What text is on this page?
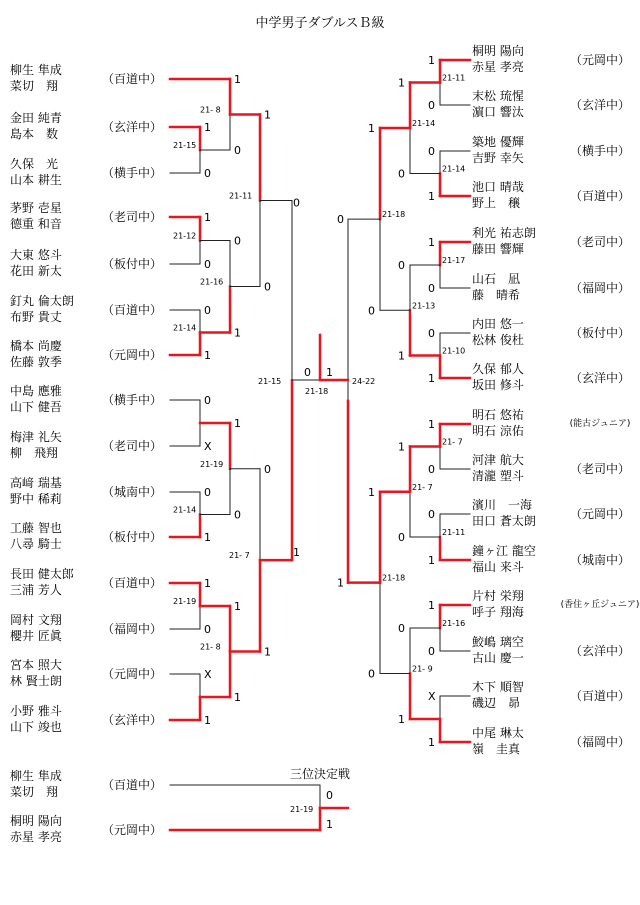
中学男子ダブルスＢ級
1
1
0
21-15
1
0
21-12
0
1
21-14
0
X
0
1
21-14
1
0
21-19
X
1
0
21- 8
0
1
21-16
1
0
21-19
1
1
21- 8
1
0
21-11
0
1
21- 7
0
1
1
0
21-11
0
1
21-14
1
0
21-17
0
1
21-10
1
0
21- 7
0
1
21-11
1
0
21-16
X
1
1
0
21-14
0
1
21-13
1
0
21- 7
0
1
21- 9
1
0
21-18
1
0
21-18
0
1
0 1
21-15
21-18
24-22
三位決定戦
0
1
21-19
柳生 隼成
菜切　翔	（百道中）
金田 純青
島本　数	（玄洋中）
久保　光
山本 耕生	（横手中）
茅野 壱星
德重 和音	（老司中）
大東 悠斗
花田 新太	（板付中）
釘丸 倫太朗
布野 貴丈	（百道中）
橋本 尚慶
佐藤 敦季	（元岡中）
中島 應雅
山下 健吾	（横手中）
梅津 礼矢
柳　飛翔	（老司中）
高﨑 瑞基
野中 稀莉	（城南中）
工藤 智也
八尋 騎士	（板付中）
長田 健太郎
三浦 芳人	（百道中）
岡村 文翔
櫻井 匠眞	（福岡中）
宮本 照大
林 賢士朗	（元岡中）
小野 雅斗
山下 竣也	（玄洋中）
桐明 陽向
赤星 孝亮	（元岡中）
末松 琉惺
濵口 響汰	（玄洋中）
築地 優輝
吉野 幸矢	（横手中）
池口 晴哉
野上　穣	（百道中）
利光 祐志朗
藤田 響輝	（老司中）
山石　凪
藤　晴希	（福岡中）
内田 悠一
松林 俊杜	（板付中）
久保 郁人
坂田 修斗	（玄洋中）
明石 悠祐
明石 涼佑	(能古ジュニア)
河津 航大
清瀧 塑斗	（老司中）
濱川　一海
田口 蒼太朗	（元岡中）
鐘ヶ江 龍空
福山 来斗	（城南中）
片村 栄翔
呼子 翔海	(香住ヶ丘ジュニア)
鮫嶋 璃空
古山 慶一	（玄洋中）
木下 順智
磯辺　昴	（百道中）
中尾 琳太
嶺　圭真	（福岡中）
柳生 隼成
菜切　翔	（百道中）
桐明 陽向
赤星 孝亮	（元岡中）
